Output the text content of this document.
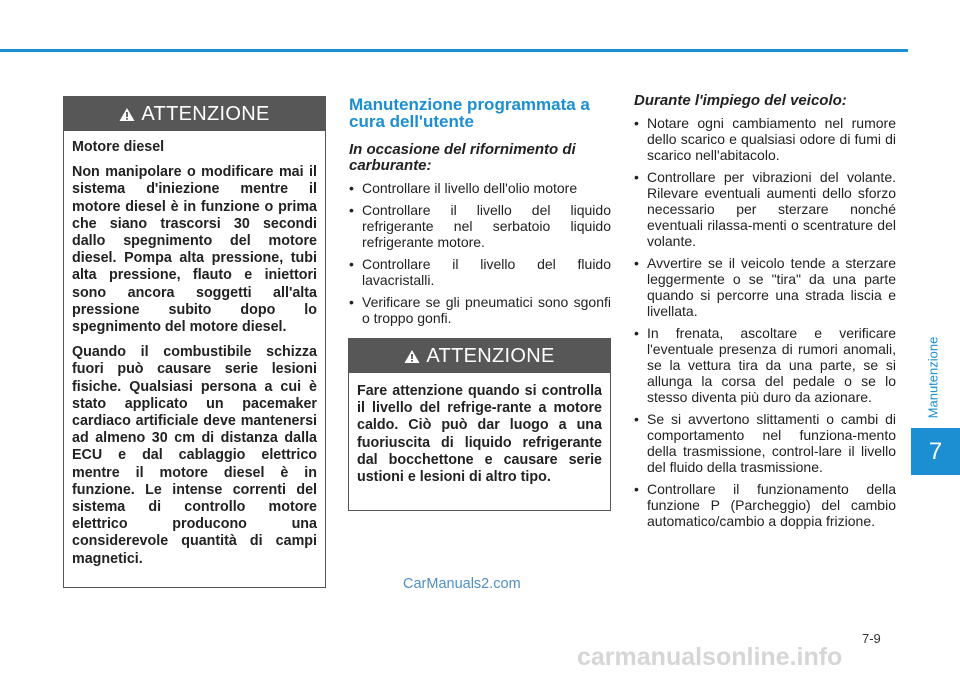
Manutenzione
7
ATTENZIONE

Motore diesel

Non manipolare o modificare mai il sistema d'iniezione mentre il motore diesel è in funzione o prima che siano trascorsi 30 secondi dallo spegnimento del motore diesel. Pompa alta pressione, tubi alta pressione, flauto e iniettori sono ancora soggetti all'alta pressione subito dopo lo spegnimento del motore diesel.

Quando il combustibile schizza fuori può causare serie lesioni fisiche. Qualsiasi persona a cui è stato applicato un pacemaker cardiaco artificiale deve mantenersi ad almeno 30 cm di distanza dalla ECU e dal cablaggio elettrico mentre il motore diesel è in funzione. Le intense correnti del sistema di controllo motore elettrico producono una considerevole quantità di campi magnetici.

Manutenzione programmata a cura dell'utente
In occasione del rifornimento di carburante:
• Controllare il livello dell'olio motore
• Controllare il livello del liquido refrigerante nel serbatoio liquido refrigerante motore.
• Controllare il livello del fluido lavacristalli.
• Verificare se gli pneumatici sono sgonfi o troppo gonfi.
ATTENZIONE

Fare attenzione quando si controlla il livello del refrige-rante a motore caldo. Ciò può dar luogo a una fuoriuscita di liquido refrigerante dal bocchettone e causare serie ustioni e lesioni di altro tipo.

Durante l'impiego del veicolo:
• Notare ogni cambiamento nel rumore dello scarico e qualsiasi odore di fumi di scarico nell'abitacolo.
• Controllare per vibrazioni del volante. Rilevare eventuali aumenti dello sforzo necessario per sterzare nonché eventuali rilassa-menti o scentrature del volante.
• Avvertire se il veicolo tende a sterzare leggermente o se "tira" da una parte quando si percorre una strada liscia e livellata.
• In frenata, ascoltare e verificare l'eventuale presenza di rumori anomali, se la vettura tira da una parte, se si allunga la corsa del pedale o se lo stesso diventa più duro da azionare.
• Se si avvertono slittamenti o cambi di comportamento nel funziona-mento della trasmissione, control-lare il livello del fluido della trasmissione.
• Controllare il funzionamento della funzione P (Parcheggio) del cambio automatico/cambio a doppia frizione.
7-9
CarManuals2.com
carmanualsonline.info
